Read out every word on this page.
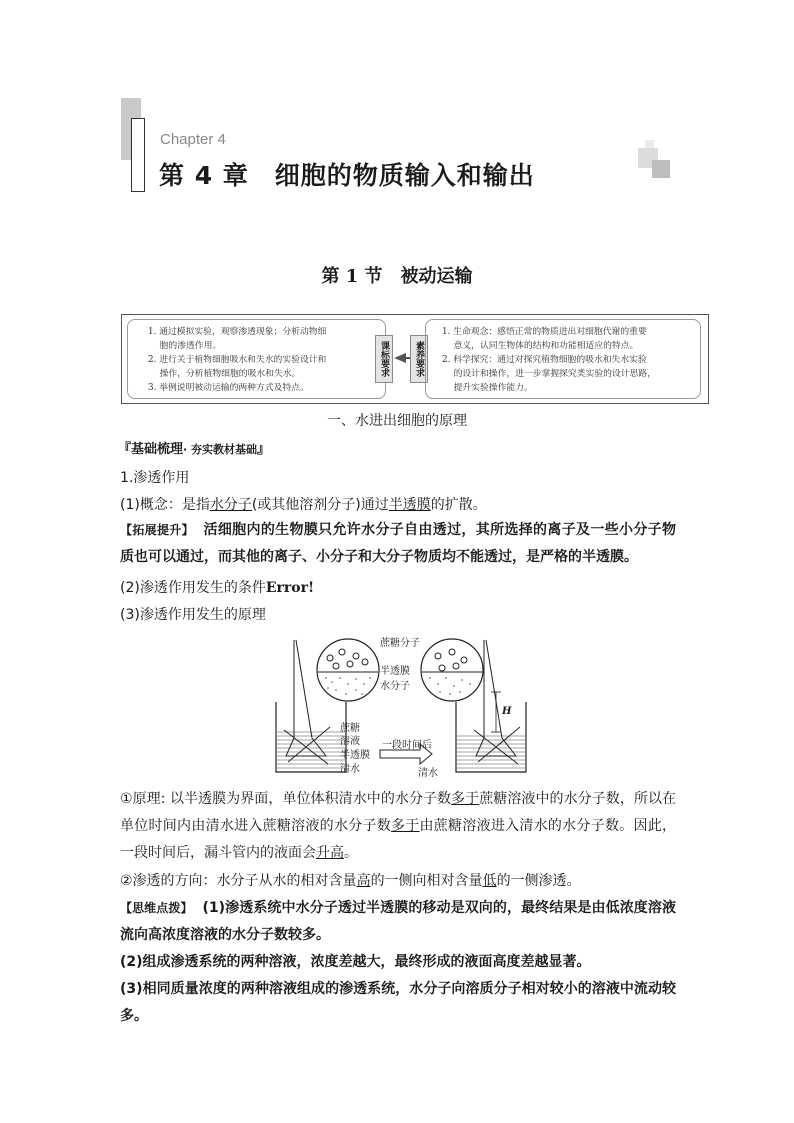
Chapter 4
第 4 章　细胞的物质输入和输出
第 1 节　被动运输
1. 通过模拟实验，观察渗透现象；分析动物细
　 胞的渗透作用。
2. 进行关于植物细胞吸水和失水的实验设计和
　 操作，分析植物细胞的吸水和失水。
3. 举例说明被动运输的两种方式及特点。
课标要求	素养要求
1. 生命观念：感悟正常的物质进出对细胞代谢的重要
　 意义，认同生物体的结构和功能相适应的特点。
2. 科学探究：通过对探究植物细胞的吸水和失水实验
　 的设计和操作，进一步掌握探究类实验的设计思路，
　 提升实验操作能力。
一、水进出细胞的原理
『基础梳理· 夯实教材基础』
1.渗透作用
(1)概念：是指水分子(或其他溶剂分子)通过半透膜的扩散。
【拓展提升】 活细胞内的生物膜只允许水分子自由透过，其所选择的离子及一些小分子物质也可以通过，而其他的离子、小分子和大分子物质均不能透过，是严格的半透膜。
(2)渗透作用发生的条件Error!
(3)渗透作用发生的原理
蔗糖分子
半透膜
水分子
蔗糖
溶液
半透膜
清水
一段时间后
清水
H
①原理: 以半透膜为界面，单位体积清水中的水分子数多于蔗糖溶液中的水分子数，所以在单位时间内由清水进入蔗糖溶液的水分子数多于由蔗糖溶液进入清水的水分子数。因此，一段时间后，漏斗管内的液面会升高。
②渗透的方向：水分子从水的相对含量高的一侧向相对含量低的一侧渗透。
【思维点拨】 (1)渗透系统中水分子透过半透膜的移动是双向的，最终结果是由低浓度溶液流向高浓度溶液的水分子数较多。
(2)组成渗透系统的两种溶液，浓度差越大，最终形成的液面高度差越显著。
(3)相同质量浓度的两种溶液组成的渗透系统，水分子向溶质分子相对较小的溶液中流动较多。
